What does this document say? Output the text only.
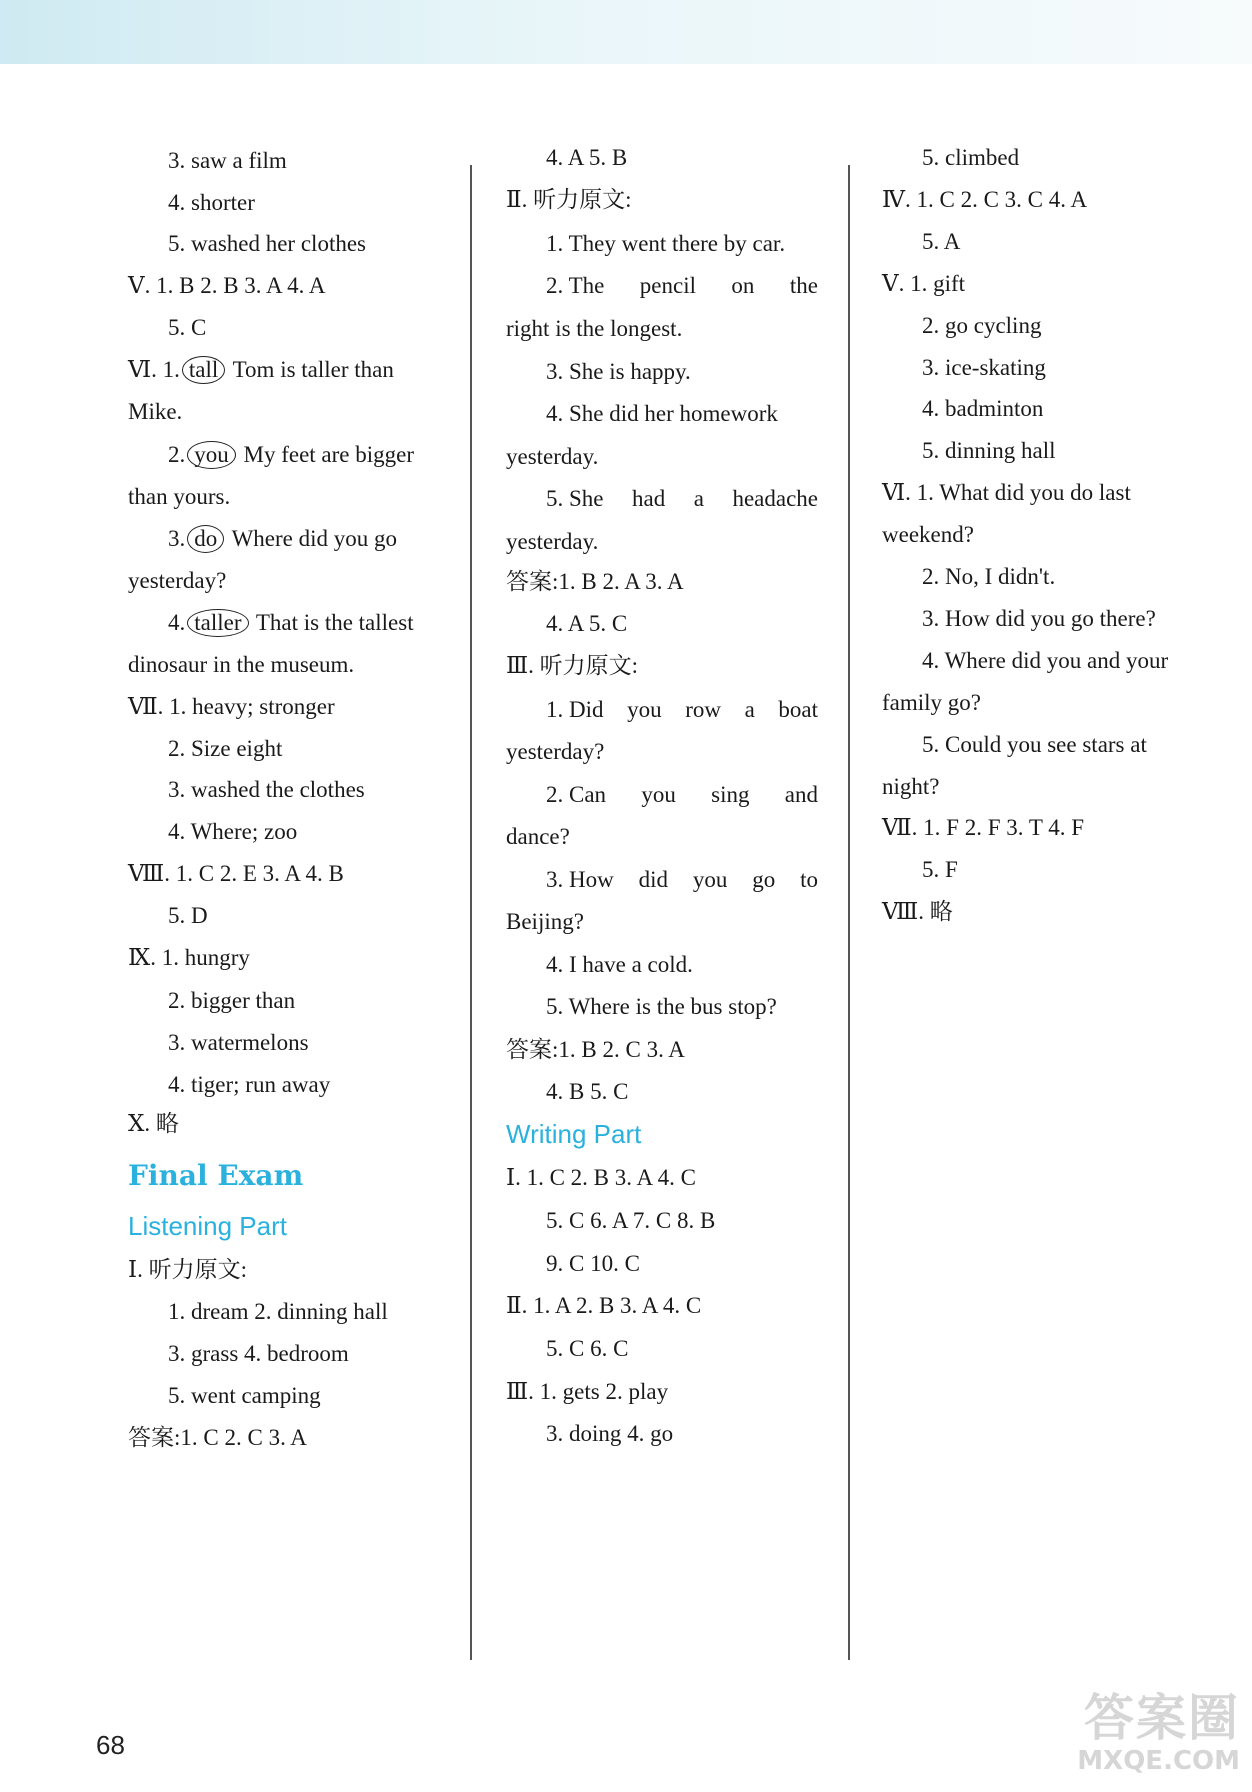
3. saw a film
4. shorter
5. washed her clothes
Ⅴ. 1. B 2. B 3. A 4. A
5. C
Ⅵ. 1. tall Tom is taller than
Mike.
2. you My feet are bigger
than yours.
3. do Where did you go
yesterday?
4. taller That is the tallest
dinosaur in the museum.
Ⅶ. 1. heavy; stronger
2. Size eight
3. washed the clothes
4. Where; zoo
Ⅷ. 1. C 2. E 3. A 4. B
5. D
Ⅸ. 1. hungry
2. bigger than
3. watermelons
4. tiger; run away
Ⅹ. 略
Final Exam
Listening Part
Ⅰ. 听力原文:
1. dream 2. dinning hall
3. grass 4. bedroom
5. went camping
答案:1. C 2. C 3. A
4. A 5. B
Ⅱ. 听力原文:
1. They went there by car.
2. The pencil on the
right is the longest.
3. She is happy.
4. She did her homework
yesterday.
5. She had a headache
yesterday.
答案:1. B 2. A 3. A
4. A 5. C
Ⅲ. 听力原文:
1. Did you row a boat
yesterday?
2. Can you sing and
dance?
3. How did you go to
Beijing?
4. I have a cold.
5. Where is the bus stop?
答案:1. B 2. C 3. A
4. B 5. C
Writing Part
Ⅰ. 1. C 2. B 3. A 4. C
5. C 6. A 7. C 8. B
9. C 10. C
Ⅱ. 1. A 2. B 3. A 4. C
5. C 6. C
Ⅲ. 1. gets 2. play
3. doing 4. go
5. climbed
Ⅳ. 1. C 2. C 3. C 4. A
5. A
Ⅴ. 1. gift
2. go cycling
3. ice-skating
4. badminton
5. dinning hall
Ⅵ. 1. What did you do last
weekend?
2. No, I didn't.
3. How did you go there?
4. Where did you and your
family go?
5. Could you see stars at
night?
Ⅶ. 1. F 2. F 3. T 4. F
5. F
Ⅷ. 略
68	答案圈
MXQE.COM
